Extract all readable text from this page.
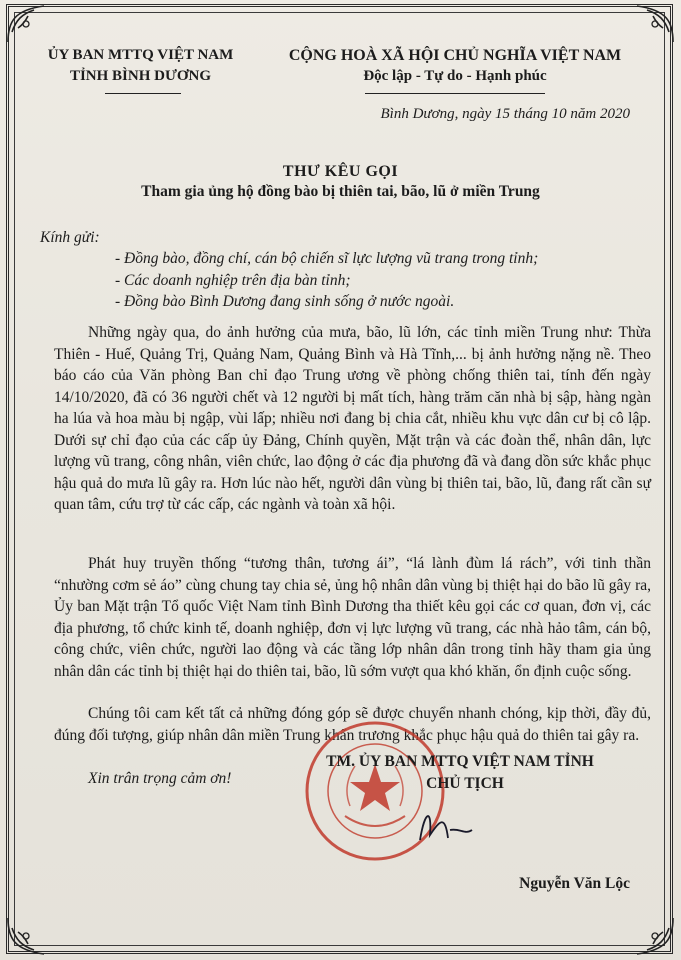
ỦY BAN MTTQ VIỆT NAM
TỈNH BÌNH DƯƠNG
CỘNG HOÀ XÃ HỘI CHỦ NGHĨA VIỆT NAM
Độc lập - Tự do - Hạnh phúc
Bình Dương, ngày 15 tháng 10 năm 2020
THƯ KÊU GỌI
Tham gia ủng hộ đồng bào bị thiên tai, bão, lũ ở miền Trung
Kính gửi:
- Đồng bào, đồng chí, cán bộ chiến sĩ lực lượng vũ trang trong tỉnh;
- Các doanh nghiệp trên địa bàn tỉnh;
- Đồng bào Bình Dương đang sinh sống ở nước ngoài.

Những ngày qua, do ảnh hưởng của mưa, bão, lũ lớn, các tỉnh miền Trung như: Thừa Thiên - Huế, Quảng Trị, Quảng Nam, Quảng Bình và Hà Tĩnh,... bị ảnh hưởng nặng nề. Theo báo cáo của Văn phòng Ban chỉ đạo Trung ương về phòng chống thiên tai, tính đến ngày 14/10/2020, đã có 36 người chết và 12 người bị mất tích, hàng trăm căn nhà bị sập, hàng ngàn ha lúa và hoa màu bị ngập, vùi lấp; nhiều nơi đang bị chia cắt, nhiều khu vực dân cư bị cô lập. Dưới sự chỉ đạo của các cấp ủy Đảng, Chính quyền, Mặt trận và các đoàn thể, nhân dân, lực lượng vũ trang, công nhân, viên chức, lao động ở các địa phương đã và đang dồn sức khắc phục hậu quả do mưa lũ gây ra. Hơn lúc nào hết, người dân vùng bị thiên tai, bão, lũ, đang rất cần sự quan tâm, cứu trợ từ các cấp, các ngành và toàn xã hội.

Phát huy truyền thống “tương thân, tương ái”, “lá lành đùm lá rách”, với tinh thần “nhường cơm sẻ áo” cùng chung tay chia sẻ, ủng hộ nhân dân vùng bị thiệt hại do bão lũ gây ra, Ủy ban Mặt trận Tổ quốc Việt Nam tỉnh Bình Dương tha thiết kêu gọi các cơ quan, đơn vị, các địa phương, tổ chức kinh tế, doanh nghiệp, đơn vị lực lượng vũ trang, các nhà hảo tâm, cán bộ, công chức, viên chức, người lao động và các tầng lớp nhân dân trong tỉnh hãy tham gia ủng nhân dân các tỉnh bị thiệt hại do thiên tai, bão, lũ sớm vượt qua khó khăn, ổn định cuộc sống.

Chúng tôi cam kết tất cả những đóng góp sẽ được chuyển nhanh chóng, kịp thời, đầy đủ, đúng đối tượng, giúp nhân dân miền Trung khẩn trương khắc phục hậu quả do thiên tai gây ra.

Xin trân trọng cảm ơn!
TM. ỦY BAN MTTQ VIỆT NAM TỈNH
CHỦ TỊCH
Nguyễn Văn Lộc
